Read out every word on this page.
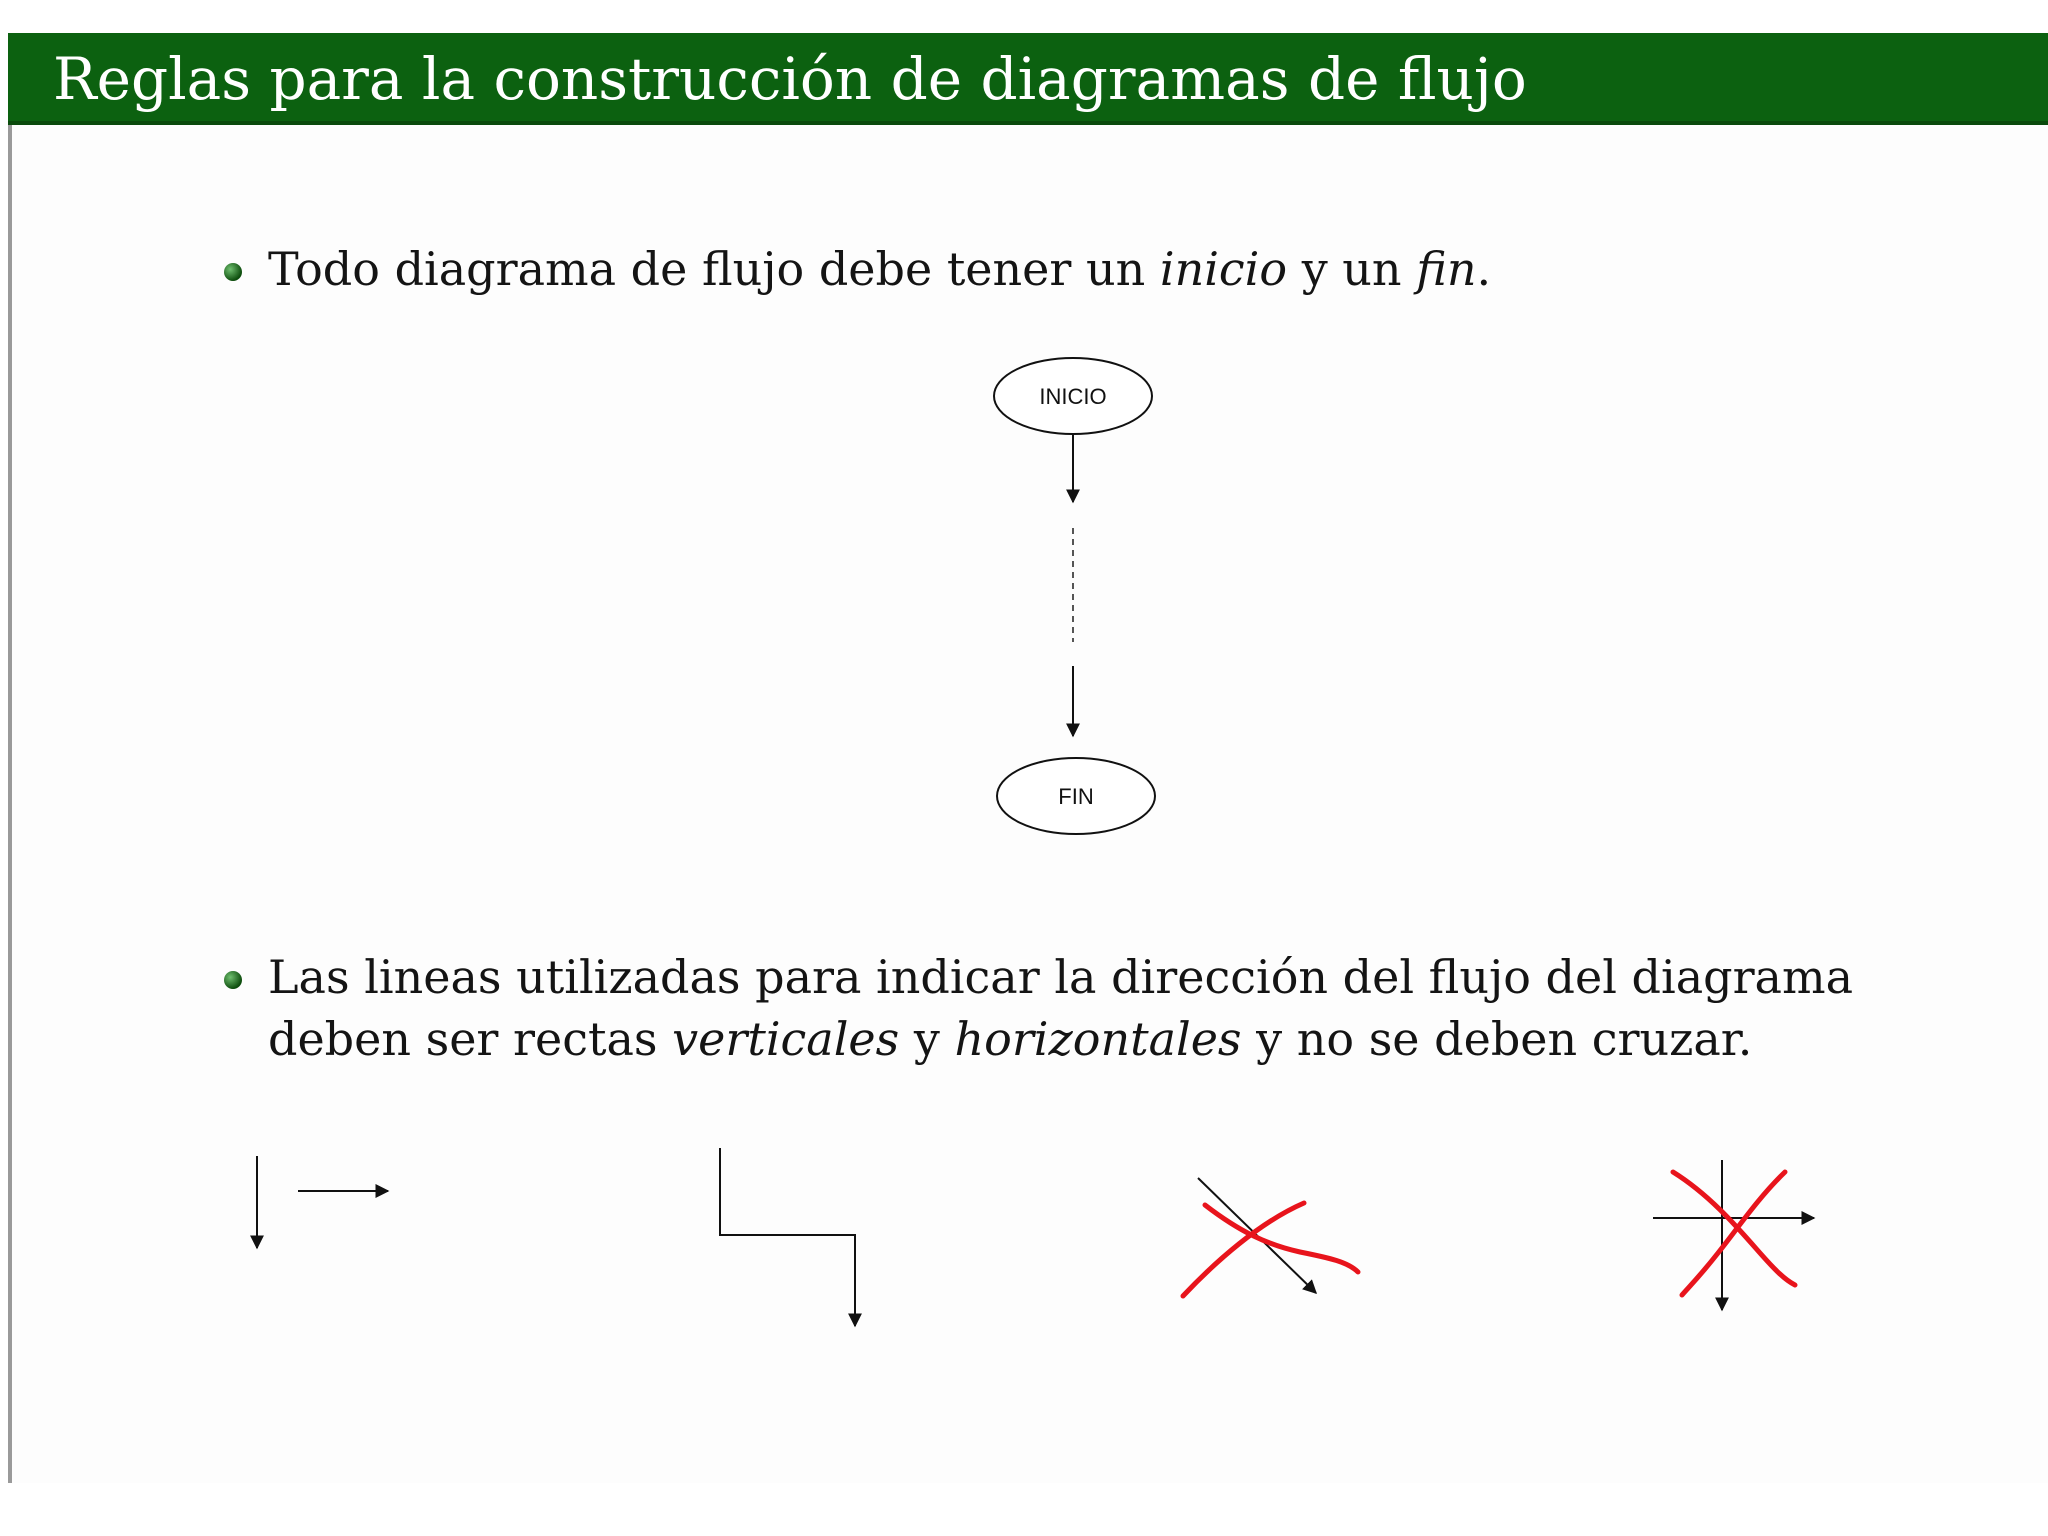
Reglas para la construcción de diagramas de flujo
Todo diagrama de flujo debe tener un inicio y un fin.
Las lineas utilizadas para indicar la dirección del flujo del diagrama
deben ser rectas verticales y horizontales y no se deben cruzar.
INICIO
FIN
